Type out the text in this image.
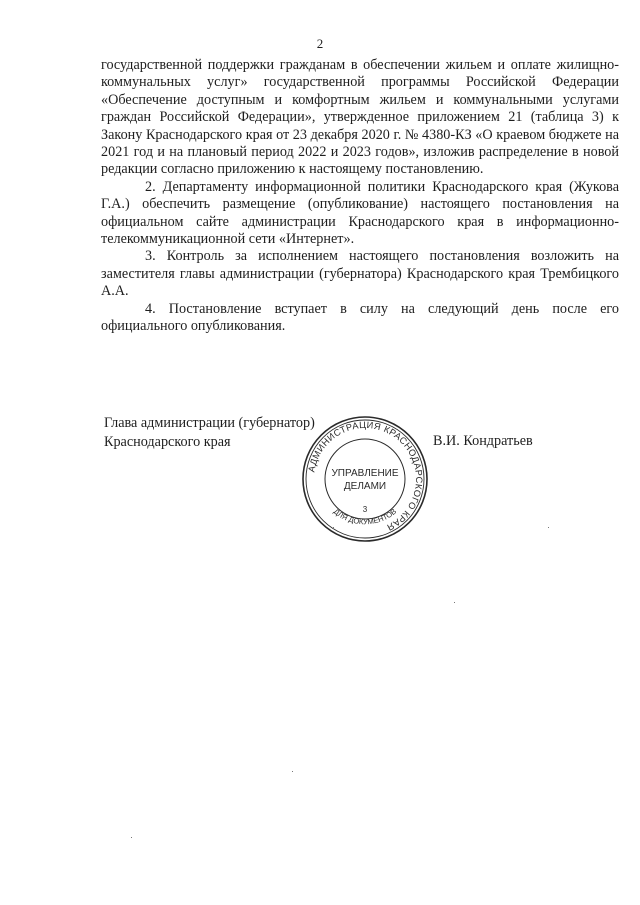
2

государственной поддержки гражданам в обеспечении жильем и оплате жилищно-коммунальных услуг» государственной программы Российской Федерации «Обеспечение доступным и комфортным жильем и коммунальными услугами граждан Российской Федерации», утвержденное приложением 21 (таблица 3) к Закону Краснодарского края от 23 декабря 2020 г. № 4380-КЗ «О краевом бюджете на 2021 год и на плановый период 2022 и 2023 годов», изложив распределение в новой редакции согласно приложению к настоящему постановлению.

2. Департаменту информационной политики Краснодарского края (Жукова Г.А.) обеспечить размещение (опубликование) настоящего постановления на официальном сайте администрации Краснодарского края в информационно-телекоммуникационной сети «Интернет».

3. Контроль за исполнением настоящего постановления возложить на заместителя главы администрации (губернатора) Краснодарского края Трембицкого А.А.

4. Постановление вступает в силу на следующий день после его официального опубликования.

Глава администрации (губернатор)
Краснодарского края	В.И. Кондратьев
АДМИНИСТРАЦИЯ КРАСНОДАРСКОГО КРАЯ
ДЛЯ ДОКУМЕНТОВ
УПРАВЛЕНИЕ
ДЕЛАМИ
3
